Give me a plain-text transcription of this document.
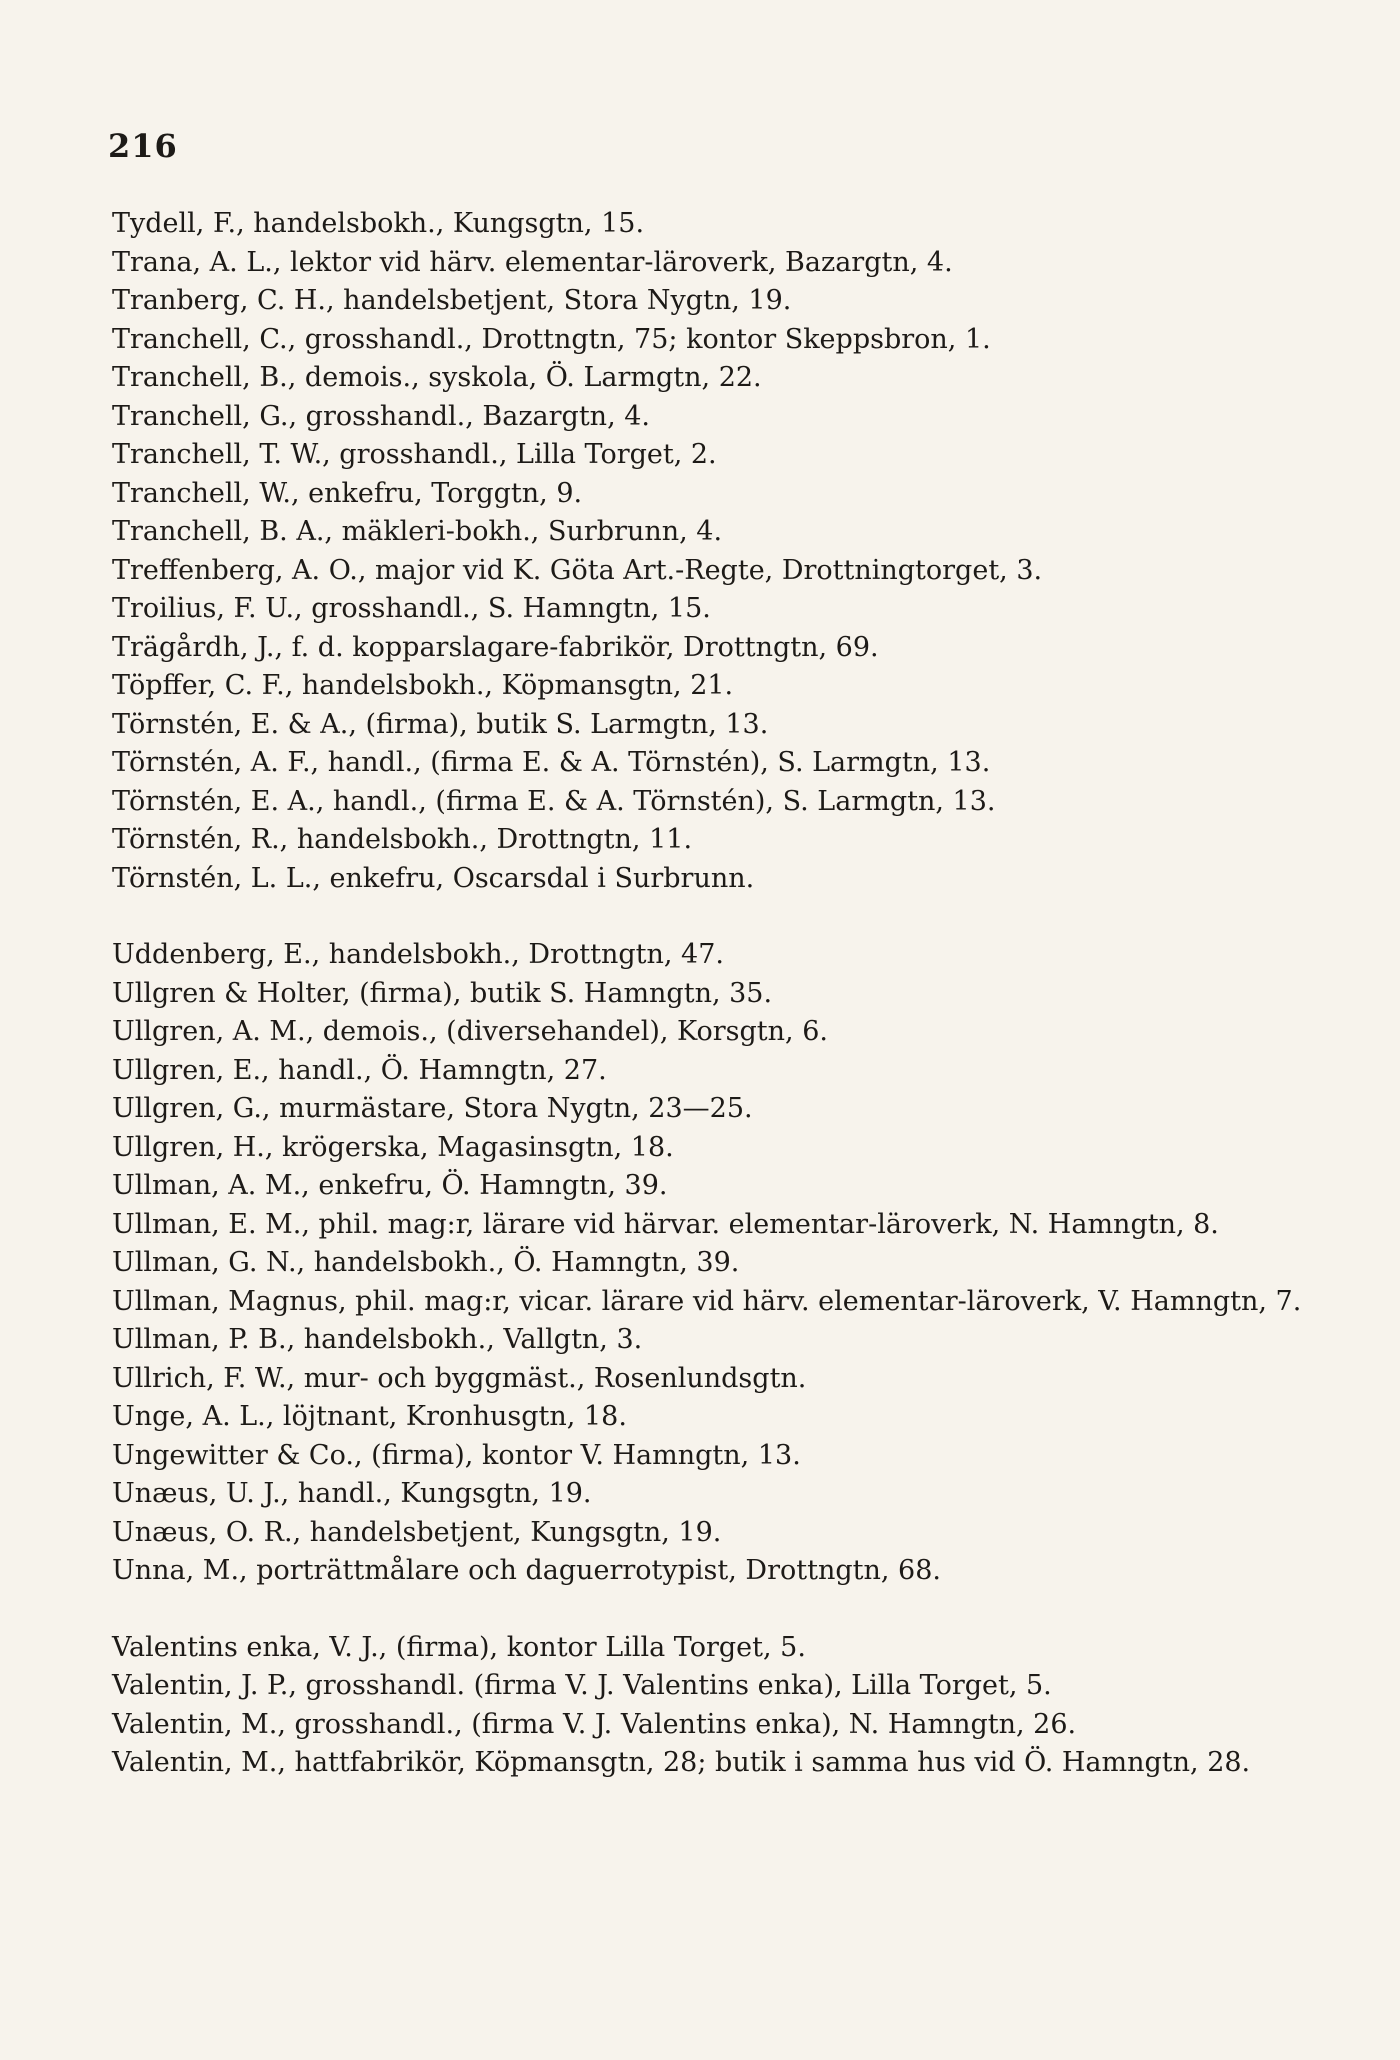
216

Tydell, F., handelsbokh., Kungsgtn, 15.

Trana, A. L., lektor vid härv. elementar-läroverk, Bazargtn, 4.

Tranberg, C. H., handelsbetjent, Stora Nygtn, 19.

Tranchell, C., grosshandl., Drottngtn, 75; kontor Skeppsbron, 1.

Tranchell, B., demois., syskola, Ö. Larmgtn, 22.

Tranchell, G., grosshandl., Bazargtn, 4.

Tranchell, T. W., grosshandl., Lilla Torget, 2.

Tranchell, W., enkefru, Torggtn, 9.

Tranchell, B. A., mäkleri-bokh., Surbrunn, 4.

Treffenberg, A. O., major vid K. Göta Art.-Regte, Drottningtorget, 3.

Troilius, F. U., grosshandl., S. Hamngtn, 15.

Trägårdh, J., f. d. kopparslagare-fabrikör, Drottngtn, 69.

Töpffer, C. F., handelsbokh., Köpmansgtn, 21.

Törnstén, E. & A., (firma), butik S. Larmgtn, 13.

Törnstén, A. F., handl., (firma E. & A. Törnstén), S. Larmgtn, 13.

Törnstén, E. A., handl., (firma E. & A. Törnstén), S. Larmgtn, 13.

Törnstén, R., handelsbokh., Drottngtn, 11.

Törnstén, L. L., enkefru, Oscarsdal i Surbrunn.

Uddenberg, E., handelsbokh., Drottngtn, 47.

Ullgren & Holter, (firma), butik S. Hamngtn, 35.

Ullgren, A. M., demois., (diversehandel), Korsgtn, 6.

Ullgren, E., handl., Ö. Hamngtn, 27.

Ullgren, G., murmästare, Stora Nygtn, 23—25.

Ullgren, H., krögerska, Magasinsgtn, 18.

Ullman, A. M., enkefru, Ö. Hamngtn, 39.

Ullman, E. M., phil. mag:r, lärare vid härvar. elementar-läroverk, N. Hamngtn, 8.

Ullman, G. N., handelsbokh., Ö. Hamngtn, 39.

Ullman, Magnus, phil. mag:r, vicar. lärare vid härv. elementar-läroverk, V. Hamngtn, 7.

Ullman, P. B., handelsbokh., Vallgtn, 3.

Ullrich, F. W., mur- och byggmäst., Rosenlundsgtn.

Unge, A. L., löjtnant, Kronhusgtn, 18.

Ungewitter & Co., (firma), kontor V. Hamngtn, 13.

Unæus, U. J., handl., Kungsgtn, 19.

Unæus, O. R., handelsbetjent, Kungsgtn, 19.

Unna, M., porträttmålare och daguerrotypist, Drottngtn, 68.

Valentins enka, V. J., (firma), kontor Lilla Torget, 5.

Valentin, J. P., grosshandl. (firma V. J. Valentins enka), Lilla Torget, 5.

Valentin, M., grosshandl., (firma V. J. Valentins enka), N. Hamngtn, 26.

Valentin, M., hattfabrikör, Köpmansgtn, 28; butik i samma hus vid Ö. Hamngtn, 28.
